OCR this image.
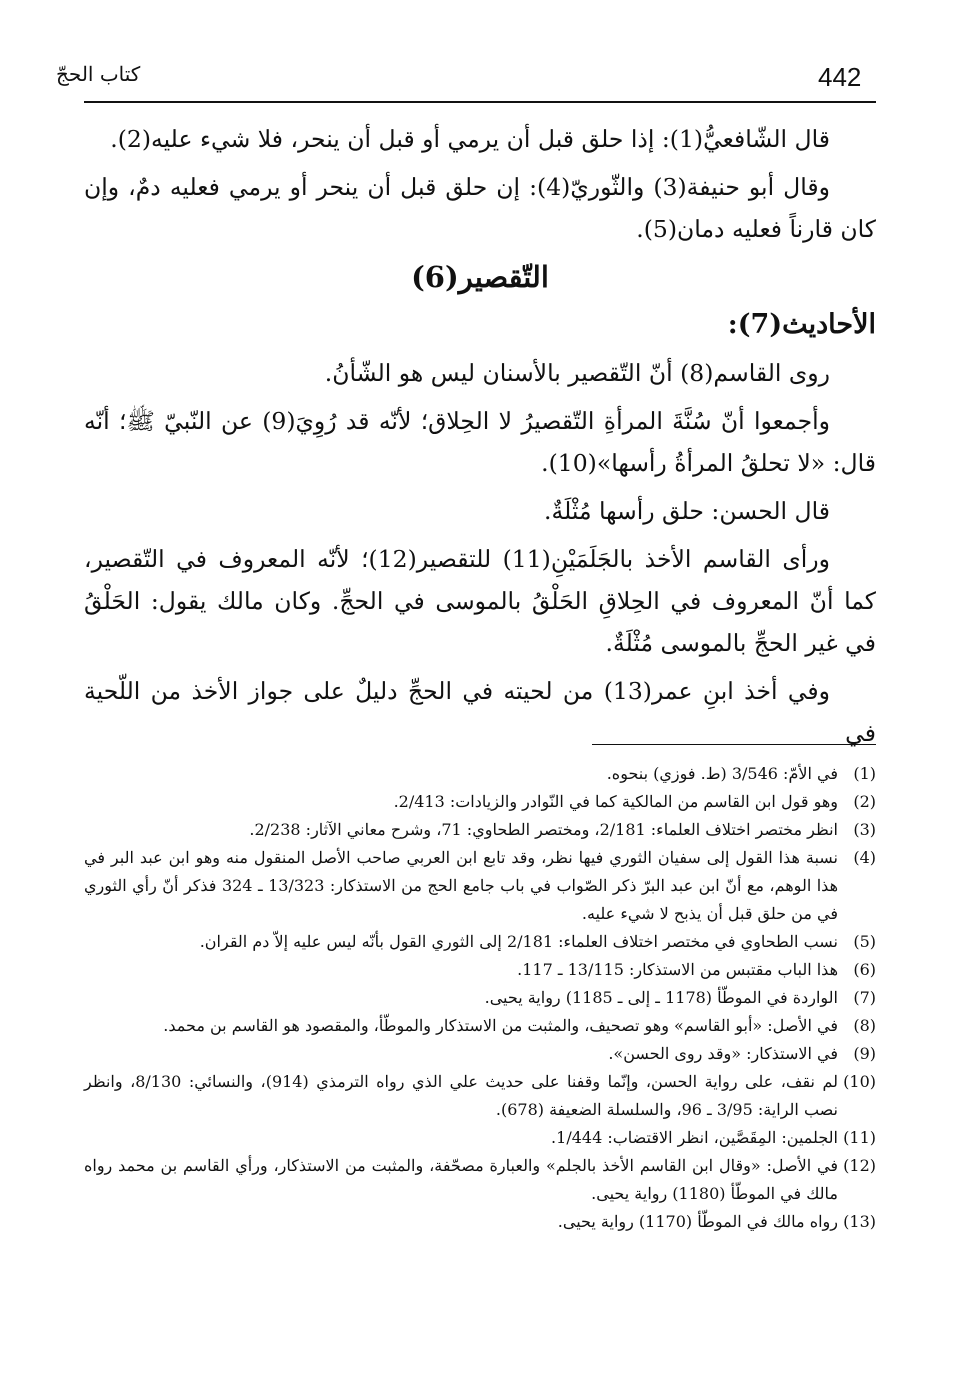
442
كتاب الحجّ

قال الشّافعيُّ(1): إذا حلق قبل أن يرمي أو قبل أن ينحر، فلا شيء عليه(2).

وقال أبو حنيفة(3) والثّوريّ(4): إن حلق قبل أن ينحر أو يرمي فعليه دمٌ، وإن كان قارناً فعليه دمان(5).

التّقصير(6)

الأحاديث(7):

روى القاسم(8) أنّ التّقصير بالأسنان ليس هو الشّأنُ.

وأجمعوا أنّ سُنَّةَ المرأةِ التّقصيرُ لا الحِلاق؛ لأنّه قد رُوِيَ(9) عن النّبيّ ﷺ؛ أنّه قال: «لا تحلقُ المرأةُ رأسها»(10).

قال الحسن: حلق رأسها مُثْلَةٌ.

ورأى القاسم الأخذ بالجَلَمَيْنِ(11) للتقصير(12)؛ لأنّه المعروف في التّقصير، كما أنّ المعروف في الحِلاقِ الحَلْقُ بالموسى في الحجِّ. وكان مالك يقول: الحَلْقُ في غير الحجِّ بالموسى مُثْلَةٌ.

وفي أخذ ابنِ عمر(13) من لحيته في الحجِّ دليلٌ على جواز الأخذ من اللّحية في

(1)
في الأمّ: 3/546 (ط. فوزي) بنحوه.
(2)
وهو قول ابن القاسم من المالكية كما في النّوادر والزيادات: 2/413.
(3)
انظر مختصر اختلاف العلماء: 2/181، ومختصر الطحاوي: 71، وشرح معاني الآثار: 2/238.
(4)
نسبة هذا القول إلى سفيان الثوري فيها نظر، وقد تابع ابن العربي صاحب الأصل المنقول منه وهو ابن عبد البر في هذا الوهم، مع أنّ ابن عبد البرّ ذكر الصّواب في باب جامع الحج من الاستذكار: 13/323 ـ 324 فذكر أنّ رأي الثوري في من حلق قبل أن يذبح لا شيء عليه.
(5)
نسب الطحاوي في مختصر اختلاف العلماء: 2/181 إلى الثوري القول بأنّه ليس عليه إلاّ دم القران.
(6)
هذا الباب مقتبس من الاستذكار: 13/115 ـ 117.
(7)
الواردة في الموطّأ (1178 ـ إلى ـ 1185) رواية يحيى.
(8)
في الأصل: «أبو القاسم» وهو تصحيف، والمثبت من الاستذكار والموطّأ، والمقصود هو القاسم بن محمد.
(9)
في الاستذكار: «وقد روى الحسن».
(10)
لم نقف، على رواية الحسن، وإنّما وقفنا على حديث علي الذي رواه الترمذي (914)، والنسائي: 8/130، وانظر نصب الراية: 3/95 ـ 96، والسلسلة الضعيفة (678).
(11)
الجلمين: المِقَصَّين، انظر الاقتضاب: 1/444.
(12)
في الأصل: «وقال ابن القاسم الأخذ بالجلم» والعبارة مصحّفة، والمثبت من الاستذكار، ورأي القاسم بن محمد رواه مالك في الموطّأ (1180) رواية يحيى.
(13)
رواه مالك في الموطّأ (1170) رواية يحيى.
